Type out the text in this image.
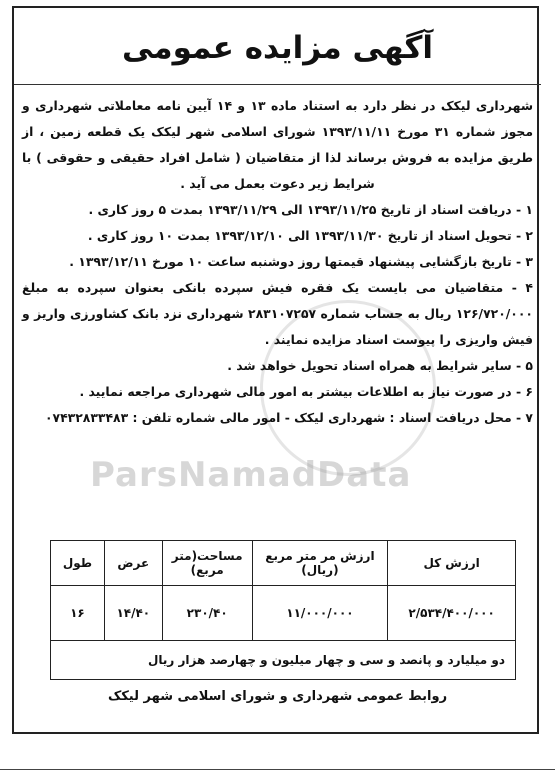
آگهی مزایده عمومی

شهرداری لیکک در نظر دارد به استناد ماده ۱۳ و ۱۴ آیین نامه معاملاتی شهرداری و مجوز شماره ۳۱ مورخ ۱۳۹۳/۱۱/۱۱ شورای اسلامی شهر لیکک یک قطعه زمین ، از طریق مزایده به فروش برساند لذا از متقاضیان ( شامل افراد حقیقی و حقوقی ) با شرایط زیر دعوت بعمل می آید .

۱ - دریافت اسناد از تاریخ ۱۳۹۳/۱۱/۲۵ الی ۱۳۹۳/۱۱/۲۹ بمدت ۵ روز کاری .

۲ - تحویل اسناد از تاریخ ۱۳۹۳/۱۱/۳۰ الی ۱۳۹۳/۱۲/۱۰ بمدت ۱۰ روز کاری .

۳ - تاریخ بازگشایی پیشنهاد قیمتها روز دوشنبه ساعت ۱۰ مورخ ۱۳۹۳/۱۲/۱۱ .

۴ - متقاضیان می بایست یک فقره فیش سپرده بانکی بعنوان سپرده به مبلغ ۱۲۶/۷۲۰/۰۰۰ ریال به حساب شماره ۲۸۳۱۰۷۲۵۷ شهرداری نزد بانک کشاورزی واریز و فیش واریزی را پیوست اسناد مزایده نمایند .

۵ - سایر شرایط به همراه اسناد تحویل خواهد شد .

۶ - در صورت نیاز به اطلاعات بیشتر به امور مالی شهرداری مراجعه نمایید .

۷ - محل دریافت اسناد : شهرداری لیکک - امور مالی شماره تلفن : ۰۷۴۳۲۸۳۳۴۸۳

ParsNamadData
ارزش کل	ارزش مر متر مربع (ریال)	مساحت(متر مربع)	عرض	طول
۲/۵۳۴/۴۰۰/۰۰۰	۱۱/۰۰۰/۰۰۰	۲۳۰/۴۰	۱۴/۴۰	۱۶
دو میلیارد و پانصد و سی و چهار میلیون و چهارصد هزار ریال				
روابط عمومی شهرداری و شورای اسلامی شهر لیکک
